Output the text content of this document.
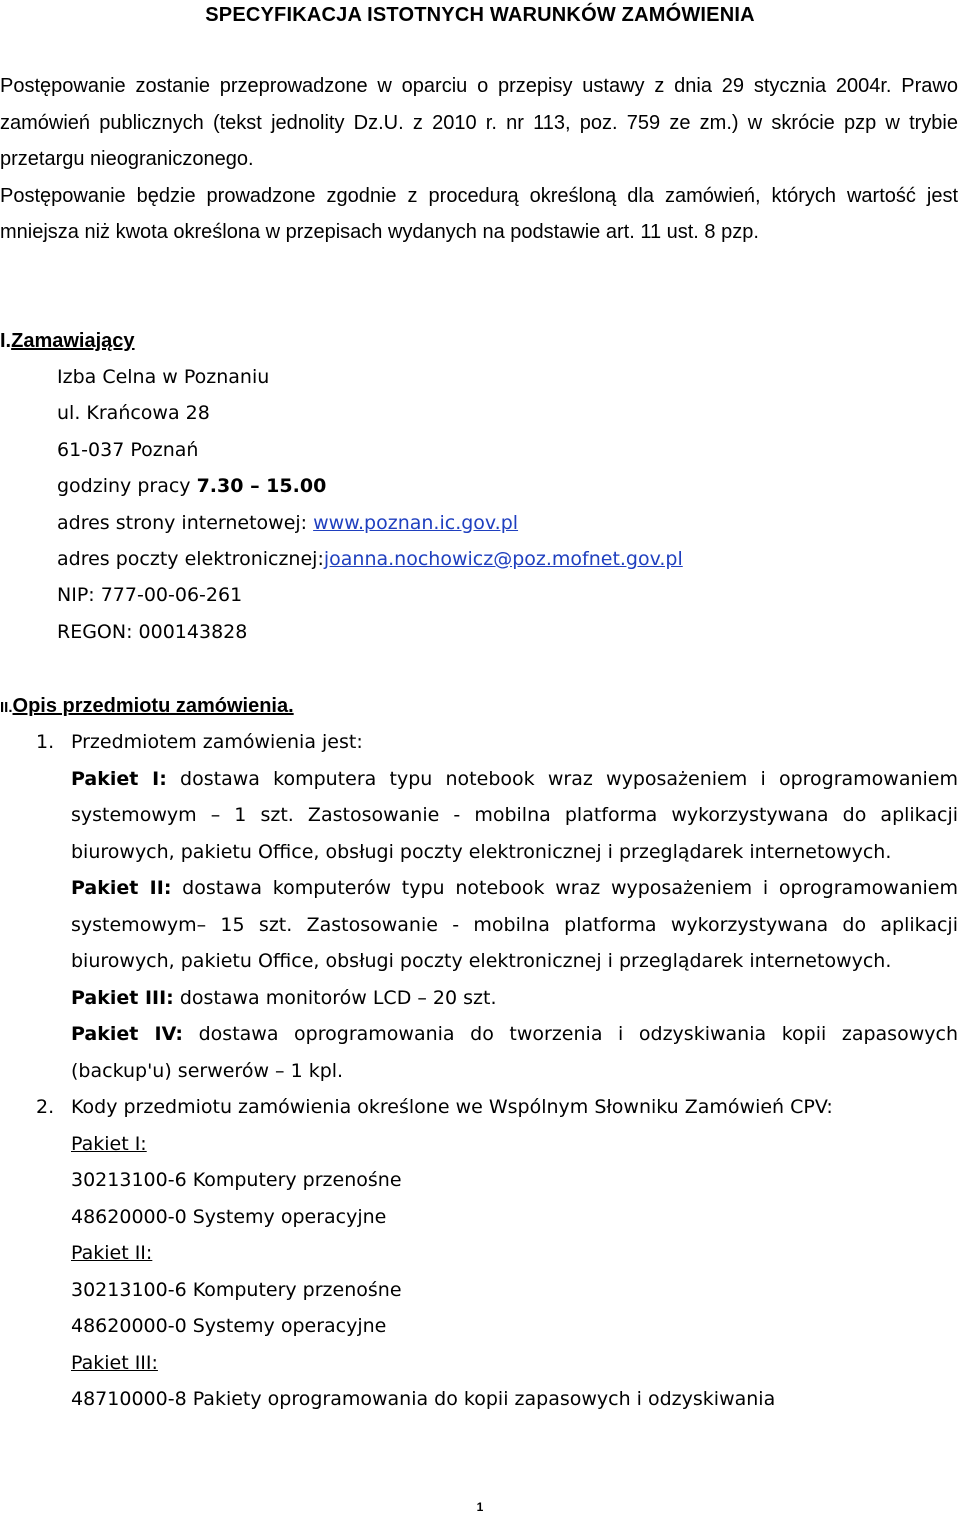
SPECYFIKACJA ISTOTNYCH WARUNKÓW ZAMÓWIENIA

Postępowanie zostanie przeprowadzone w oparciu o przepisy ustawy z dnia 29 stycznia 2004r. Prawo zamówień publicznych (tekst jednolity Dz.U. z 2010 r. nr 113, poz. 759 ze zm.) w skrócie pzp w trybie przetargu nieograniczonego.

Postępowanie będzie prowadzone zgodnie z procedurą określoną dla zamówień, których wartość jest mniejsza niż kwota określona w przepisach wydanych na podstawie art. 11 ust. 8 pzp.

I.Zamawiający
Izba Celna w Poznaniu
ul. Krańcowa 28
61-037 Poznań
godziny pracy 7.30 – 15.00
adres strony internetowej: www.poznan.ic.gov.pl
adres poczty elektronicznej:joanna.nochowicz@poz.mofnet.gov.pl
NIP: 777-00-06-261
REGON: 000143828
II.Opis przedmiotu zamówienia.
1. Przedmiotem zamówienia jest:

Pakiet I: dostawa komputera typu notebook wraz wyposażeniem i oprogramowaniem systemowym – 1 szt. Zastosowanie - mobilna platforma wykorzystywana do aplikacji biurowych, pakietu Office, obsługi poczty elektronicznej i przeglądarek internetowych.

Pakiet II: dostawa komputerów typu notebook wraz wyposażeniem i oprogramowaniem systemowym– 15 szt. Zastosowanie - mobilna platforma wykorzystywana do aplikacji biurowych, pakietu Office, obsługi poczty elektronicznej i przeglądarek internetowych.

Pakiet III: dostawa monitorów LCD – 20 szt.

Pakiet IV: dostawa oprogramowania do tworzenia i odzyskiwania kopii zapasowych (backup'u) serwerów – 1 kpl.

2. Kody przedmiotu zamówienia określone we Wspólnym Słowniku Zamówień CPV:

Pakiet I:
30213100-6 Komputery przenośne
48620000-0 Systemy operacyjne
Pakiet II:
30213100-6 Komputery przenośne
48620000-0 Systemy operacyjne
Pakiet III:
48710000-8 Pakiety oprogramowania do kopii zapasowych i odzyskiwania
1
